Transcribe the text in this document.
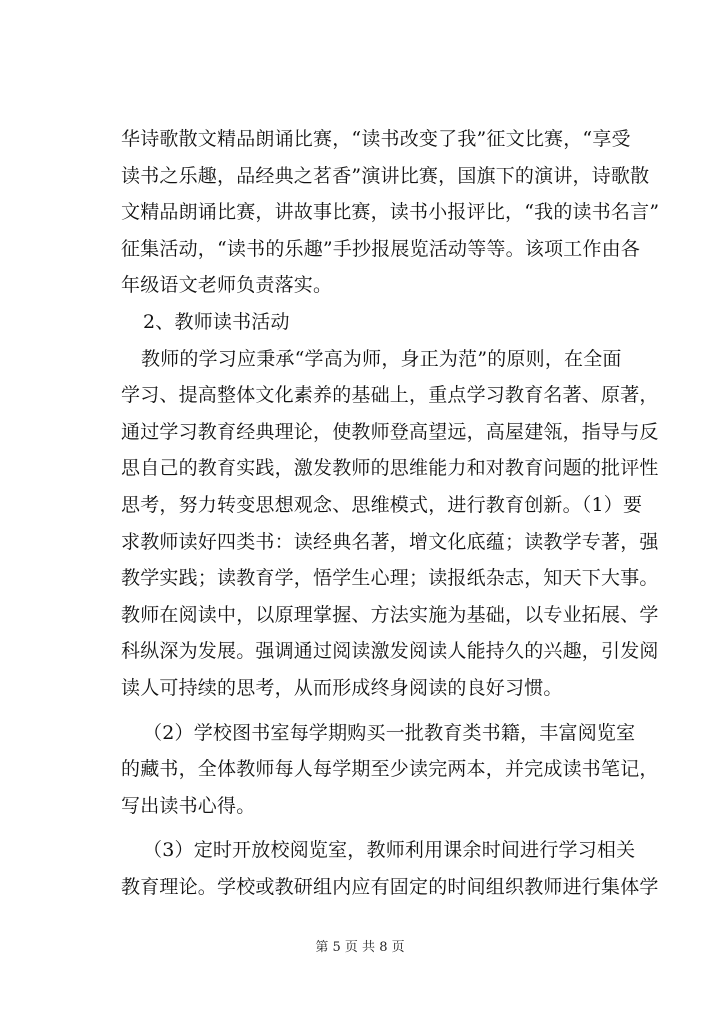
华诗歌散文精品朗诵比赛，“读书改变了我”征文比赛，“享受
读书之乐趣，品经典之茗香”演讲比赛，国旗下的演讲，诗歌散
文精品朗诵比赛，讲故事比赛，读书小报评比，“我的读书名言”
征集活动，“读书的乐趣”手抄报展览活动等等。该项工作由各
年级语文老师负责落实。
2、教师读书活动
教师的学习应秉承“学高为师，身正为范”的原则，在全面
学习、提高整体文化素养的基础上，重点学习教育名著、原著，
通过学习教育经典理论，使教师登高望远，高屋建瓴，指导与反
思自己的教育实践，激发教师的思维能力和对教育问题的批评性
思考，努力转变思想观念、思维模式，进行教育创新。（1）要
求教师读好四类书：读经典名著，增文化底蕴；读教学专著，强
教学实践；读教育学，悟学生心理；读报纸杂志，知天下大事。
教师在阅读中，以原理掌握、方法实施为基础，以专业拓展、学
科纵深为发展。强调通过阅读激发阅读人能持久的兴趣，引发阅
读人可持续的思考，从而形成终身阅读的良好习惯。
（2）学校图书室每学期购买一批教育类书籍，丰富阅览室
的藏书，全体教师每人每学期至少读完两本，并完成读书笔记，
写出读书心得。
（3）定时开放校阅览室，教师利用课余时间进行学习相关
教育理论。学校或教研组内应有固定的时间组织教师进行集体学
第 5 页 共 8 页
